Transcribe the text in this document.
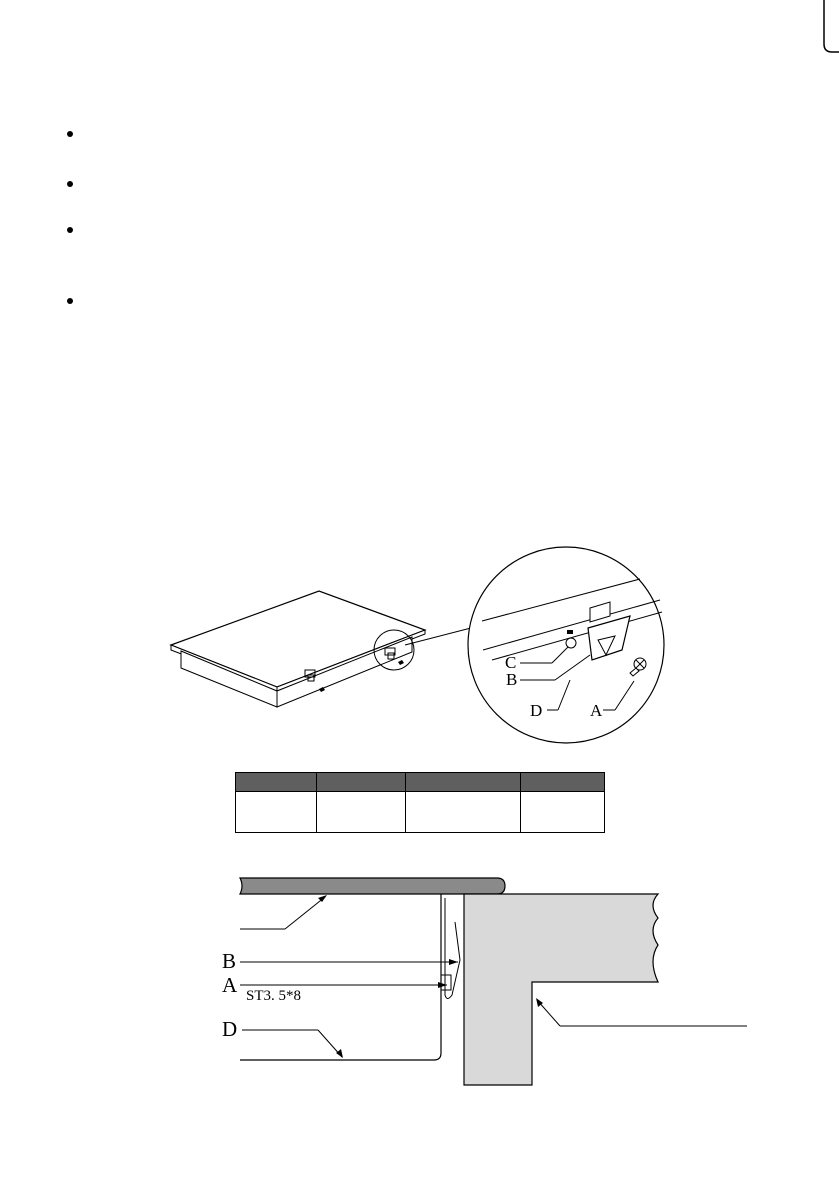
C
B
D	A

B
A
D
ST3. 5*8
